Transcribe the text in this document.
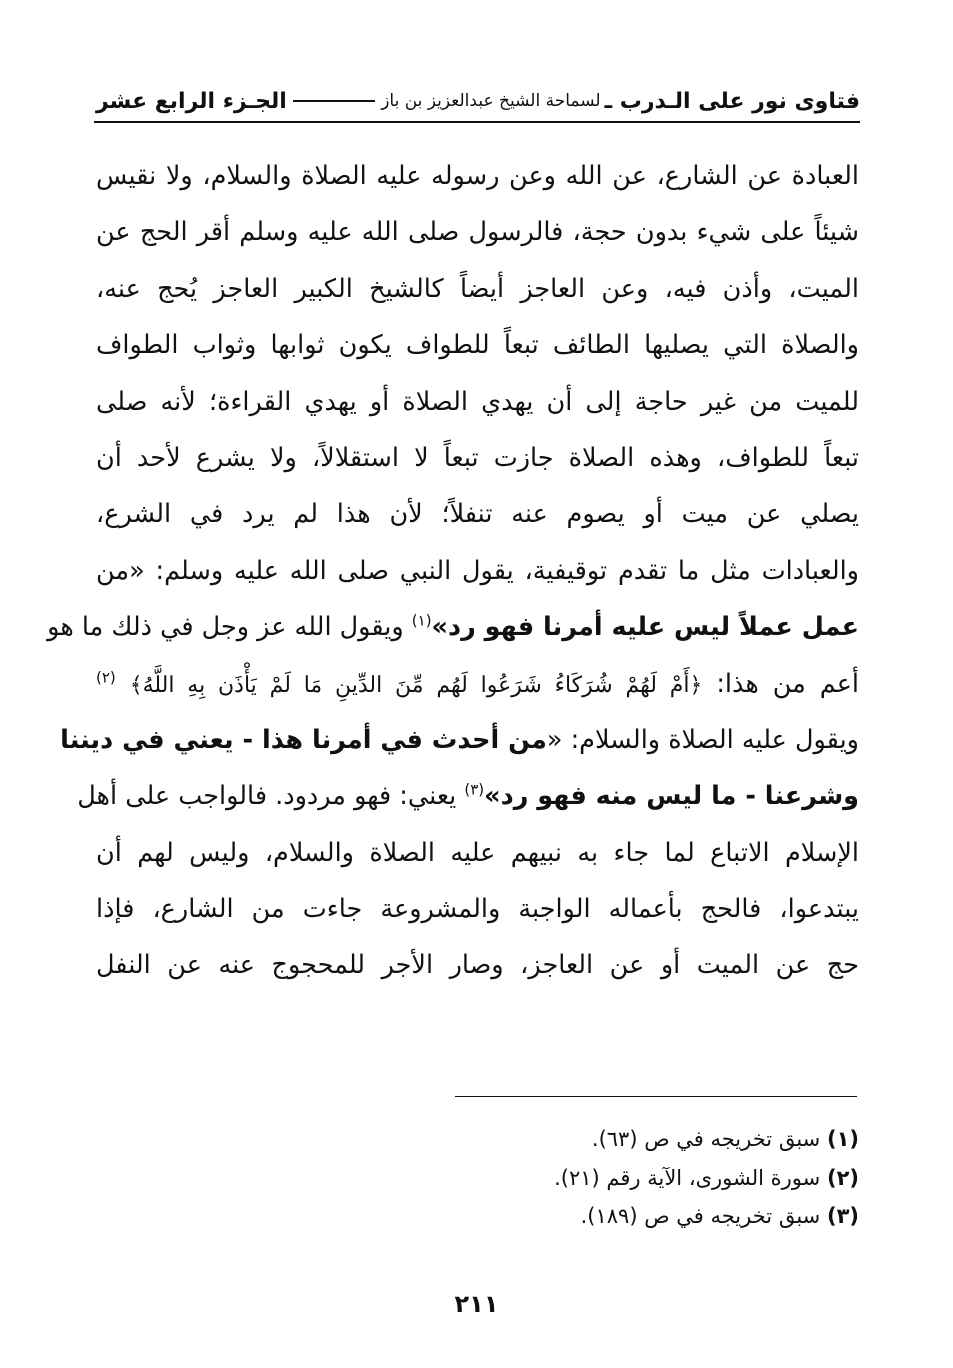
فتاوى نور على الـدرب ـ
لسماحة الشيخ عبدالعزيز بن باز
الجـزء الرابع عشر
العبادة عن الشارع، عن الله وعن رسوله عليه الصلاة والسلام، ولا نقيس
شيئاً على شيء بدون حجة، فالرسول صلى الله عليه وسلم أقر الحج عن
الميت، وأذن فيه، وعن العاجز أيضاً كالشيخ الكبير العاجز يُحج عنه،
والصلاة التي يصليها الطائف تبعاً للطواف يكون ثوابها وثواب الطواف
للميت من غير حاجة إلى أن يهدي الصلاة أو يهدي القراءة؛ لأنه صلى
تبعاً للطواف، وهذه الصلاة جازت تبعاً لا استقلالاً، ولا يشرع لأحد أن
يصلي عن ميت أو يصوم عنه تنفلاً؛ لأن هذا لم يرد في الشرع،
والعبادات مثل ما تقدم توقيفية، يقول النبي صلى الله عليه وسلم: «من
عمل عملاً ليس عليه أمرنا فهو رد»$^{(١)}$ ويقول الله عز وجل في ذلك ما هو
أعم من هذا: ﴿أَمْ لَهُمْ شُرَكَاءُ شَرَعُوا لَهُم مِّنَ الدِّينِ مَا لَمْ يَأْذَن بِهِ اللَّهُ﴾ $^{(٢)}$
ويقول عليه الصلاة والسلام: «من أحدث في أمرنا هذا - يعني في ديننا
وشرعنا - ما ليس منه فهو رد»$^{(٣)}$ يعني: فهو مردود. فالواجب على أهل
الإسلام الاتباع لما جاء به نبيهم عليه الصلاة والسلام، وليس لهم أن
يبتدعوا، فالحج بأعماله الواجبة والمشروعة جاءت من الشارع، فإذا
حج عن الميت أو عن العاجز، وصار الأجر للمحجوج عنه عن النفل
(١) سبق تخريجه في ص (٦٣).
(٢) سورة الشورى، الآية رقم (٢١).
(٣) سبق تخريجه في ص (١٨٩).
٢١١
